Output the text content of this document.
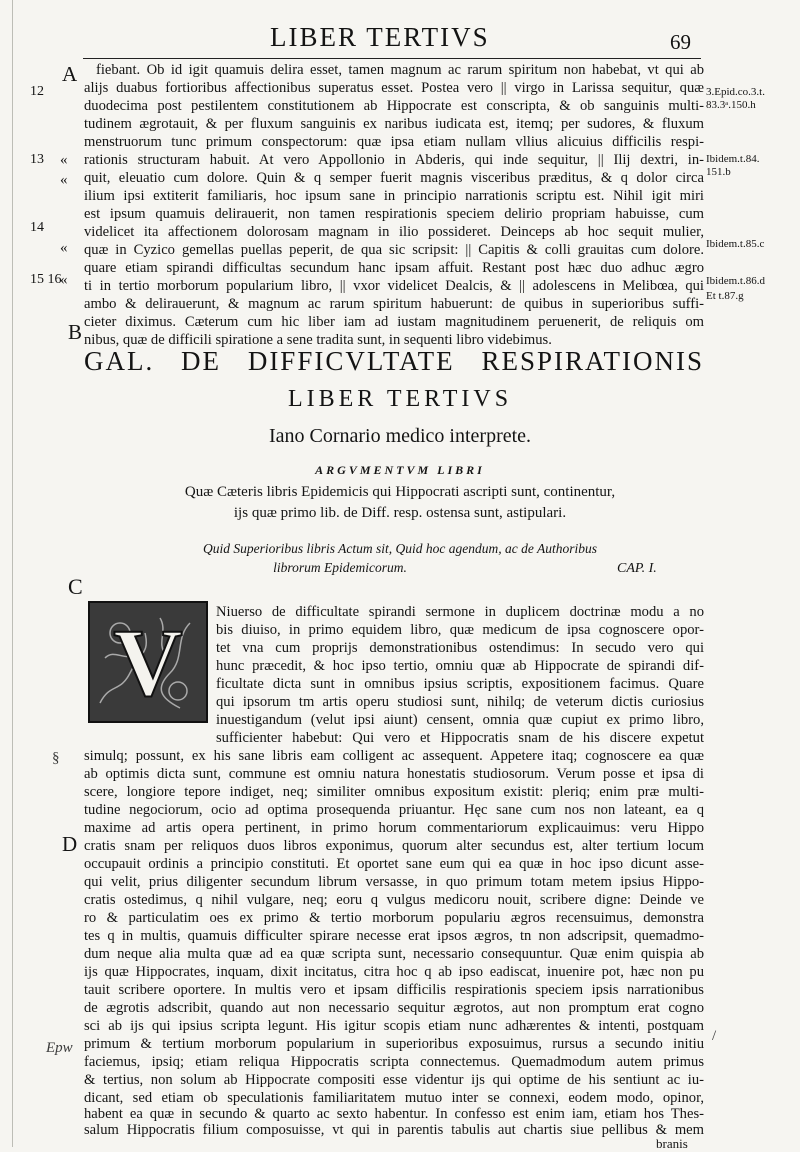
LIBER TERTIVS	69
A
12
13 «
«
14
«
15 16
«
B
3.Epid.co.3.t.
83.3ᵃ.150.h
Ibidem.t.84.
151.b
Ibidem.t.85.c
Ibidem.t.86.d
Et t.87.g
fiebant. Ob id igit quamuis delira esset, tamen magnum ac rarum spiritum non habebat, vt qui ab
alijs duabus fortioribus affectionibus superatus esset. Postea vero || virgo in Larissa sequitur, quæ
duodecima post pestilentem constitutionem ab Hippocrate est conscripta, & ob sanguinis multi-
tudinem ægrotauit, & per fluxum sanguinis ex naribus iudicata est, itemq; per sudores, & fluxum
menstruorum tunc primum conspectorum: quæ ipsa etiam nullam vllius alicuius difficilis respi-
rationis structuram habuit. At vero Appollonio in Abderis, qui inde sequitur, || Ilij dextri, in-
quit, eleuatio cum dolore. Quin & q semper fuerit magnis visceribus præditus, & q dolor circa
ilium ipsi extiterit familiaris, hoc ipsum sane in principio narrationis scriptu est. Nihil igit miri
est ipsum quamuis delirauerit, non tamen respirationis speciem delirio propriam habuisse, cum
videlicet ita affectionem dolorosam magnam in ilio possideret. Deinceps ab hoc sequit mulier,
quæ in Cyzico gemellas puellas peperit, de qua sic scripsit: || Capitis & colli grauitas cum dolore.
quare etiam spirandi difficultas secundum hanc ipsam affuit. Restant post hæc duo adhuc ægro
ti in tertio morborum popularium libro, || vxor videlicet Dealcis, & || adolescens in Melibœa, qui
ambo & delirauerunt, & magnum ac rarum spiritum habuerunt: de quibus in superioribus suffi-
cieter diximus. Cæterum cum hic liber iam ad iustam magnitudinem peruenerit, de reliquis om
nibus, quæ de difficili spiratione a sene tradita sunt, in sequenti libro videbimus.
GAL. DE DIFFICVLTATE RESPIRATIONIS
LIBER TERTIVS
Iano Cornario medico interprete.
ARGVMENTVM LIBRI
Quæ Cæteris libris Epidemicis qui Hippocrati ascripti sunt, continentur,
ijs quæ primo lib. de Diff. resp. ostensa sunt, astipulari.
Quid Superioribus libris Actum sit, Quid hoc agendum, ac de Authoribus
librorum Epidemicorum.	CAP. I.
C
V Niuerso de difficultate spirandi sermone in duplicem doctrinæ modu a no
bis diuiso, in primo equidem libro, quæ medicum de ipsa cognoscere opor-
tet vna cum proprijs demonstrationibus ostendimus: In secudo vero qui
hunc præcedit, & hoc ipso tertio, omniu quæ ab Hippocrate de spirandi dif-
ficultate dicta sunt in omnibus ipsius scriptis, expositionem facimus. Quare
qui ipsorum tm artis operu studiosi sunt, nihilq; de veterum dictis curiosius
inuestigandum (velut ipsi aiunt) censent, omnia quæ cupiut ex primo libro,
sufficienter habebut: Qui vero et Hippocratis snam de his discere expetut
simulq; possunt, ex his sane libris eam colligent ac assequent. Appetere itaq; cognoscere ea quæ
ab optimis dicta sunt, commune est omniu natura honestatis studiosorum. Verum posse et ipsa di
scere, longiore tepore indiget, neq; similiter omnibus expositum existit: pleriq; enim præ multi-
tudine negociorum, ocio ad optima prosequenda priuantur. Hęc sane cum nos non lateant, ea q
maxime ad artis opera pertinent, in primo horum commentariorum explicauimus: veru Hippo
cratis snam per reliquos duos libros exponimus, quorum alter secundus est, alter tertium locum
D
occupauit ordinis a principio constituti. Et oportet sane eum qui ea quæ in hoc ipso dicunt asse-
qui velit, prius diligenter secundum librum versasse, in quo primum totam metem ipsius Hippo-
cratis ostedimus, q nihil vulgare, neq; eoru q vulgus medicoru nouit, scribere digne: Deinde ve
ro & particulatim oes ex primo & tertio morborum populariu ægros recensuimus, demonstra
tes q in multis, quamuis difficulter spirare necesse erat ipsos ægros, tn non adscripsit, quemadmo-
dum neque alia multa quæ ad ea quæ scripta sunt, necessario consequuntur. Quæ enim quispia ab
ijs quæ Hippocrates, inquam, dixit incitatus, citra hoc q ab ipso eadiscat, inuenire pot, hæc non pu
tauit scribere oportere. In multis vero et ipsam difficilis respirationis speciem ipsis narrationibus
de ægrotis adscribit, quando aut non necessario sequitur ægrotos, aut non promptum erat cogno
sci ab ijs qui ipsius scripta legunt. His igitur scopis etiam nunc adhærentes & intenti, postquam
primum & tertium morborum popularium in superioribus exposuimus, rursus a secundo initiu
faciemus, ipsiq; etiam reliqua Hippocratis scripta connectemus. Quemadmodum autem primus
& tertius, non solum ab Hippocrate compositi esse videntur ijs qui optime de his sentiunt ac iu-
dicant, sed etiam ob speculationis familiaritatem mutuo inter se connexi, eodem modo, opinor,
habent ea quæ in secundo & quarto ac sexto habentur. In confesso est enim iam, etiam hos Thes-
salum Hippocratis filium composuisse, vt qui in parentis tabulis aut chartis siue pellibus & mem
branis
§
Epw
/
